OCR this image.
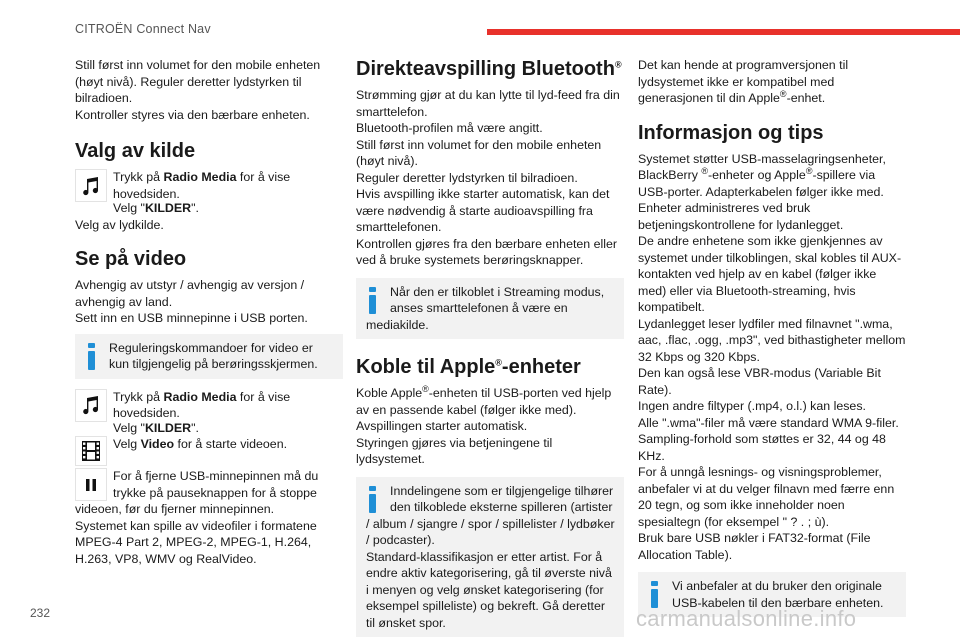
CITROËN Connect Nav

Still først inn volumet for den mobile enheten (høyt nivå). Reguler deretter lydstyrken til bilradioen.

Kontroller styres via den bærbare enheten.

Valg av kilde
Trykk på Radio Media for å vise hovedsiden.

Velg "KILDER".

Velg av lydkilde.

Se på video

Avhengig av utstyr / avhengig av versjon / avhengig av land.

Sett inn en USB minnepinne i USB porten.

Reguleringskommandoer for video er kun tilgjengelig på berøringsskjermen.

Trykk på Radio Media for å vise hovedsiden.

Velg "KILDER".

Velg Video for å starte videoen.
For å fjerne USB-minnepinnen må du trykke på pauseknappen for å stoppe videoen, før du fjerner minnepinnen.

Systemet kan spille av videofiler i formatene MPEG-4 Part 2, MPEG-2, MPEG-1, H.264, H.263, VP8, WMV og RealVideo.

Direkteavspilling Bluetooth®

Strømming gjør at du kan lytte til lyd-feed fra din smarttelefon.

Bluetooth-profilen må være angitt.

Still først inn volumet for den mobile enheten (høyt nivå).

Reguler deretter lydstyrken til bilradioen.

Hvis avspilling ikke starter automatisk, kan det være nødvendig å starte audioavspilling fra smarttelefonen.

Kontrollen gjøres fra den bærbare enheten eller ved å bruke systemets berøringsknapper.

Når den er tilkoblet i Streaming modus, anses smarttelefonen å være en mediakilde.

Koble til Apple®-enheter

Koble Apple®-enheten til USB-porten ved hjelp av en passende kabel (følger ikke med).

Avspillingen starter automatisk.

Styringen gjøres via betjeningene til lydsystemet.

Inndelingene som er tilgjengelige tilhører den tilkoblede eksterne spilleren (artister / album / sjangre / spor / spillelister / lydbøker / podcaster).

Standard-klassifikasjon er etter artist. For å endre aktiv kategorisering, gå til øverste nivå i menyen og velg ønsket kategorisering (for eksempel spilleliste) og bekreft. Gå deretter til ønsket spor.

Det kan hende at programversjonen til lydsystemet ikke er kompatibel med generasjonen til din Apple®-enhet.

Informasjon og tips

Systemet støtter USB-masselagringsenheter, BlackBerry ®-enheter og Apple®-spillere via USB-porter. Adapterkabelen følger ikke med.

Enheter administreres ved bruk betjeningskontrollene for lydanlegget.

De andre enhetene som ikke gjenkjennes av systemet under tilkoblingen, skal kobles til AUX-kontakten ved hjelp av en kabel (følger ikke med) eller via Bluetooth-streaming, hvis kompatibelt.

Lydanlegget leser lydfiler med filnavnet ".wma, aac, .flac, .ogg, .mp3", ved bithastigheter mellom 32 Kbps og 320 Kbps.

Den kan også lese VBR-modus (Variable Bit Rate).

Ingen andre filtyper (.mp4, o.l.) kan leses.

Alle ".wma"-filer må være standard WMA 9-filer.

Sampling-forhold som støttes er 32, 44 og 48 KHz.

For å unngå lesnings- og visningsproblemer, anbefaler vi at du velger filnavn med færre enn 20 tegn, og som ikke inneholder noen spesialtegn (for eksempel " ? . ; ù).

Bruk bare USB nøkler i FAT32-format (File Allocation Table).

Vi anbefaler at du bruker den originale USB-kabelen til den bærbare enheten.

232	carmanualsonline.info
